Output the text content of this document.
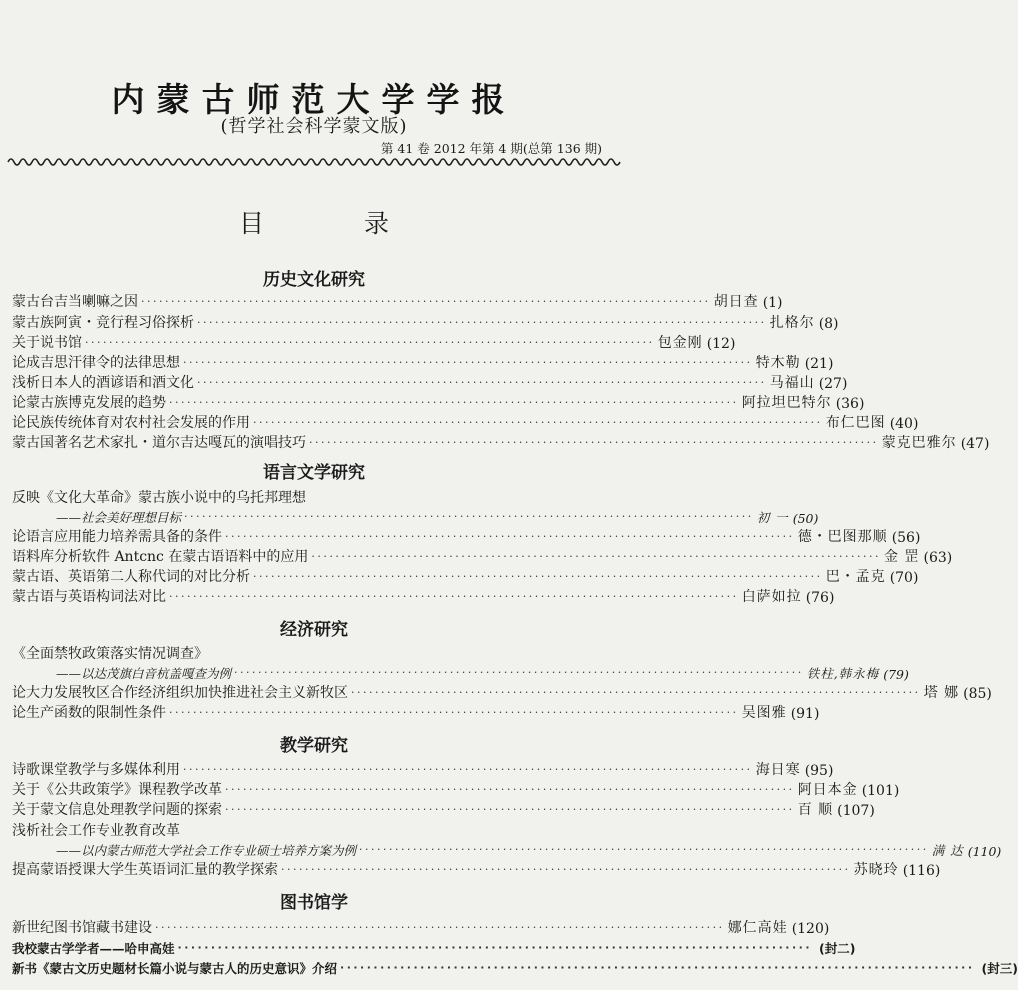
内蒙古师范大学学报
(哲学社会科学蒙文版)
第 41 卷 2012 年第 4 期(总第 136 期)
目 录
历史文化研究
蒙古台吉当喇嘛之因 ······························································································· 胡日查 (1)
蒙古族阿寅・竞行程习俗探析 ······························································································· 扎格尔 (8)
关于说书馆 ······························································································· 包金刚 (12)
论成吉思汗律令的法律思想 ······························································································· 特木勒 (21)
浅析日本人的酒谚语和酒文化 ······························································································· 马福山 (27)
论蒙古族博克发展的趋势 ······························································································· 阿拉坦巴特尔 (36)
论民族传统体育对农村社会发展的作用 ······························································································· 布仁巴图 (40)
蒙古国著名艺术家扎・道尔吉达嘎瓦的演唱技巧 ······························································································· 蒙克巴雅尔 (47)
语言文学研究
反映《文化大革命》蒙古族小说中的乌托邦理想
——社会美好理想目标 ······························································································· 初 一 (50)
论语言应用能力培养需具备的条件 ······························································································· 德・巴图那顺 (56)
语料库分析软件 Antcnc 在蒙古语语料中的应用 ······························································································· 金 罡 (63)
蒙古语、英语第二人称代词的对比分析 ······························································································· 巴・孟克 (70)
蒙古语与英语构词法对比 ······························································································· 白萨如拉 (76)
经济研究
《全面禁牧政策落实情况调查》
——以达茂旗白音杭盖嘎查为例 ······························································································· 铁柱,韩永梅 (79)
论大力发展牧区合作经济组织加快推进社会主义新牧区 ······························································································· 塔 娜 (85)
论生产函数的限制性条件 ······························································································· 吴图雅 (91)
教学研究
诗歌课堂教学与多媒体利用 ······························································································· 海日寒 (95)
关于《公共政策学》课程教学改革 ······························································································· 阿日本金 (101)
关于蒙文信息处理教学问题的探索 ······························································································· 百 顺 (107)
浅析社会工作专业教育改革
——以内蒙古师范大学社会工作专业硕士培养方案为例 ······························································································· 满 达 (110)
提高蒙语授课大学生英语词汇量的教学探索 ······························································································· 苏晓玲 (116)
图书馆学
新世纪图书馆藏书建设 ······························································································· 娜仁高娃 (120)
我校蒙古学学者——哈申高娃 ······························································································· (封二)
新书《蒙古文历史题材长篇小说与蒙古人的历史意识》介绍 ······························································································· (封三)
